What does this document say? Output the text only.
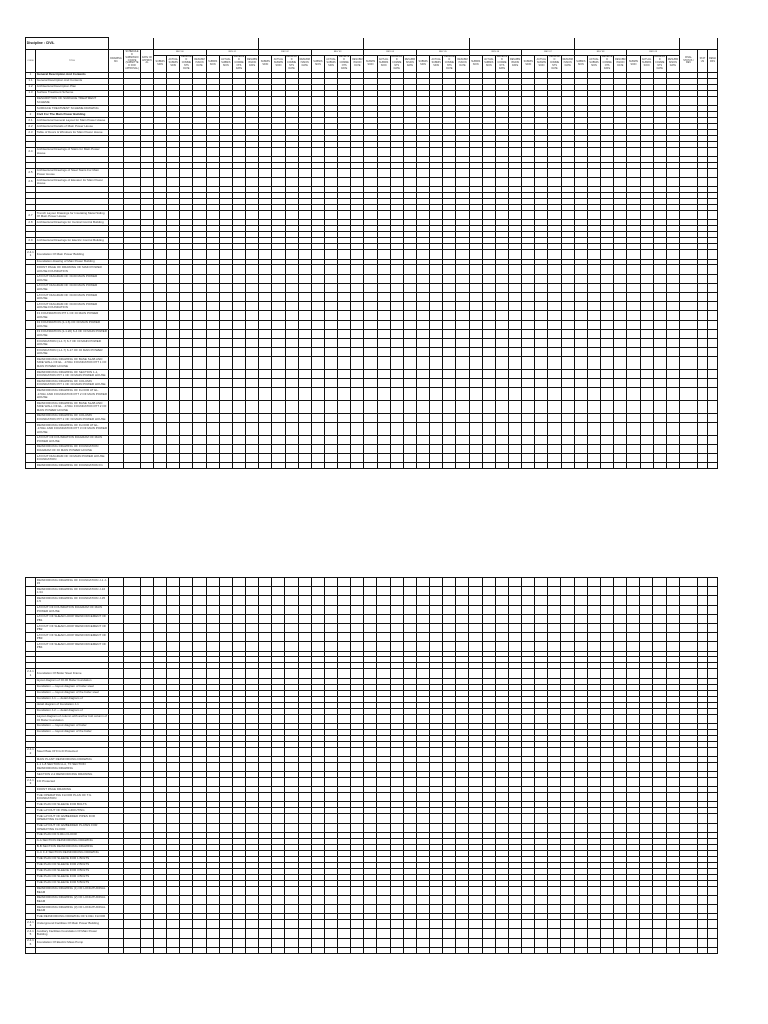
Discipline : CIVIL																																															
CODE	TITLE	DRAWING NO.	SCHEDULED SUBMISSION DATE (SUBMITTED FOR APPROVAL)	DATE OF APPROVAL	REV 00				REV 01				REV 02				REV 03				REV 04				REV 05				REV 06				REV 07				REV 08				REV 09				FINAL STATUS / REV	STATUS	REMARKS
					SUBMISSION	ACTUAL SUBMISSION	RECEIVED COMMENTS DATE	RESUBMISSION DATE	SUBMISSION	ACTUAL SUBMISSION	RECEIVED COMMENTS DATE	RESUBMISSION DATE	SUBMISSION	ACTUAL SUBMISSION	RECEIVED COMMENTS DATE	RESUBMISSION DATE	SUBMISSION	ACTUAL SUBMISSION	RECEIVED COMMENTS DATE	RESUBMISSION DATE	SUBMISSION	ACTUAL SUBMISSION	RECEIVED COMMENTS DATE	RESUBMISSION DATE	SUBMISSION	ACTUAL SUBMISSION	RECEIVED COMMENTS DATE	RESUBMISSION DATE	SUBMISSION	ACTUAL SUBMISSION	RECEIVED COMMENTS DATE	RESUBMISSION DATE	SUBMISSION	ACTUAL SUBMISSION	RECEIVED COMMENTS DATE	RESUBMISSION DATE	SUBMISSION	ACTUAL SUBMISSION	RECEIVED COMMENTS DATE	RESUBMISSION DATE	SUBMISSION	ACTUAL SUBMISSION	RECEIVED COMMENTS DATE	RESUBMISSION DATE			
1	General Description And Contents																																														
1.1	General Description And Contents																																														
1.2	Architectural Description Plan																																														
1.3	Surface Treatment Scheme																																														
	DESCRIPTION OF SURFACE TREATMENT SCHEME																																														
	SURFACE TREATMENT SCHEME DRAWING																																														
2	Civil For The Main Power Building																																														
2.1	Architectural General Layout for Main Power House																																														
2.2	Architectural Details of Main Power House																																														
2.3	Table of Doors & Windows for Main Power House																																														

2.4	Architectural Drawings of Stairs for Main Power House																																														

2.5	Architectural Drawings of Steel Stairs For Main Power House																																														
2.6	Architectural Drawings of Elevator for Main Power House																																														

2.7	Trench Layout Drawings for Insulating Metal Siding Of Main Power House																																														
2.8	Architectural Drawings for Central Control Building																																														

2.9	Architectural Drawings for Electric Control Building																																														

2.4.11	Foundation Of Main Power Building																																														
	Foundation drawing of Main Power Building																																														
	FRONT PAGE OF DRAWING OF MAIN POWER HOUSE FOUNDATION																																														
	LAYOUT DIAGRAM OF ±0.00 MAIN POWER HOUSE																																														
	LAYOUT DIAGRAM OF ±0.00 MAIN POWER HOUSE																																														
	LAYOUT DIAGRAM OF ±0.00 MAIN POWER HOUSE																																														
	LAYOUT DIAGRAM OF ±0.00 MAIN POWER HOUSE FOUNDATION																																														
	F1 FOUNDATION PIT 1 OF ±0 MAIN POWER HOUSE																																														
	F2 FOUNDATION (1-1.6) OF ±0 MAIN POWER HOUSE																																														
	F3 FOUNDATION (1-1.20) 6-4 OF ±0 MAIN POWER HOUSE																																														
	FOUNDATION (1-1.7) 6-7 OF ±0 MAIN POWER HOUSE																																														
	FOUNDATION (1-1.7) 6-17 OF ±0 MAIN POWER HOUSE																																														
	REINFORCING DRAWING OF BASE SLAB AND SIDE WALL OF EL. -3.50m FOUNDATION PIT 1 OF MAIN POWER HOUSE																																														
	REINFORCING DRAWING OF SECTION 1-1, FOUNDATION PIT 1 OF ±0 MAIN POWER HOUSE																																														
	REINFORCING DRAWING OF COLUMN FOUNDATION PIT 1 OF ±0 MAIN POWER HOUSE																																														
	REINFORCING DRAWING OF FLOOR AT EL. -3.50m AND FOUNDATION PIT 2 OF MAIN POWER HOUSE																																														
	REINFORCING DRAWING OF BASE SLAB AND SIDE WALL OF EL. -3.50m FOUNDATION PIT 2 OF MAIN POWER HOUSE																																														
	REINFORCING DRAWING OF COLUMN FOUNDATION PIT 2 OF ±0 MAIN POWER HOUSE																																														
	REINFORCING DRAWING OF FLOOR AT EL. -3.50m AND FOUNDATION PIT 3 OF MAIN POWER HOUSE																																														
	LAYOUT OF FOUNDATION DIAGRAM OF MAIN POWER HOUSE																																														
	REINFORCING DRAWING OF FOUNDATION DIAGRAM OF ±0 MAIN POWER HOUSE																																														
	LAYOUT DIAGRAM OF ±0 MAIN POWER HOUSE FOUNDATION																																														
	REINFORCING DRAWING OF FOUNDATION F1																																														
	REINFORCING DRAWING OF FOUNDATION J-1 J-15																																														
	REINFORCING DRAWING OF FOUNDATION J-16 J-34																																														
	REINFORCING DRAWING OF FOUNDATION J-35 J-5																																														
	LAYOUT OF FOUNDATION DIAGRAM OF MAIN POWER HOUSE																																														
	LAYOUT OF SHEAR HOOP REINFORCEMENT OF PB1																																														
	LAYOUT OF SHEAR HOOP REINFORCEMENT OF PB2																																														
	LAYOUT OF SHEAR HOOP REINFORCEMENT OF PB3																																														
	LAYOUT OF SHEAR HOOP REINFORCEMENT OF PB4																																														

2.4.11	Foundation Of Boiler Steel Frame																																														
	layout diagram of ±0.00 Boiler foundation																																														
	foundation — layout diagram of boiler steel																																														
	foundation — layout diagram of the boiler steel																																														
	foundation J-1 — detail diagram of																																														
	detail diagram of foundation J-1																																														
	foundation J-2 — detail diagram of																																														
	Layout diagram of column with anchor bolt column of ±0 Boiler foundation																																														
	foundation — layout diagram of boiler																																														
	foundation — layout diagram of the boiler																																														

2.4.12	Steel Plate Of F.G.D Protected																																														
	MAIN PLANT REINFORCING DRAWING																																														
	1-1 1-8 SECTION A-A, TF SECTION REINFORCING DRAWING																																														
	SECTION 2-2 REINFORCING DRAWING																																														
2.4.13	F.D Protected																																														
	FRONT PAGE DRAWING																																														
	THE OPERATING FLOOR PLAN OF T.G FOUNDATION																																														
	THE PLAN OF SLEEVE FOR BOLTS																																														
	THE LAYOUT OF PRE-GROUTING																																														
	THE LAYOUT OF EMBEDDED PIPES FOR OPERATING FLOOR																																														
	THE LAYOUT OF EMBEDDED PLATES FOR OPERATING FLOOR																																														
	THE PLAN OF 9.00m FLOOR																																														
	A-A SECTION REINFORCING DRAWING																																														
	B-B SECTION REINFORCING DRAWING																																														
	C-C F-F SECTION REINFORCING DRAWING																																														
	THE PLAN OF SLEEVE FOR 1 BOLTS																																														
	THE PLAN OF SLEEVE FOR 2 BOLTS																																														
	THE PLAN OF SLEEVE FOR 3 BOLTS																																														
	THE PLAN OF SLEEVE FOR 4 BOLTS																																														
	THE PLAN OF SLEEVE FOR 5 BOLTS																																														
	REINFORCING DRAWING (1) OF LONGITUDINAL BEAM																																														
	REINFORCING DRAWING (2) OF LONGITUDINAL BEAM																																														
	REINFORCING DRAWING (3) OF LONGITUDINAL BEAM																																														
	THE REINFORCING DRAWING OF 9.00m FLOOR																																														
2.4.14	Underground Facilities Of Main Power Building																																														
2.4.15	Auxiliary Facilities Foundation Of Main Power Building																																														
2.4.16	Foundation Of Electric Mass Pump																																														
